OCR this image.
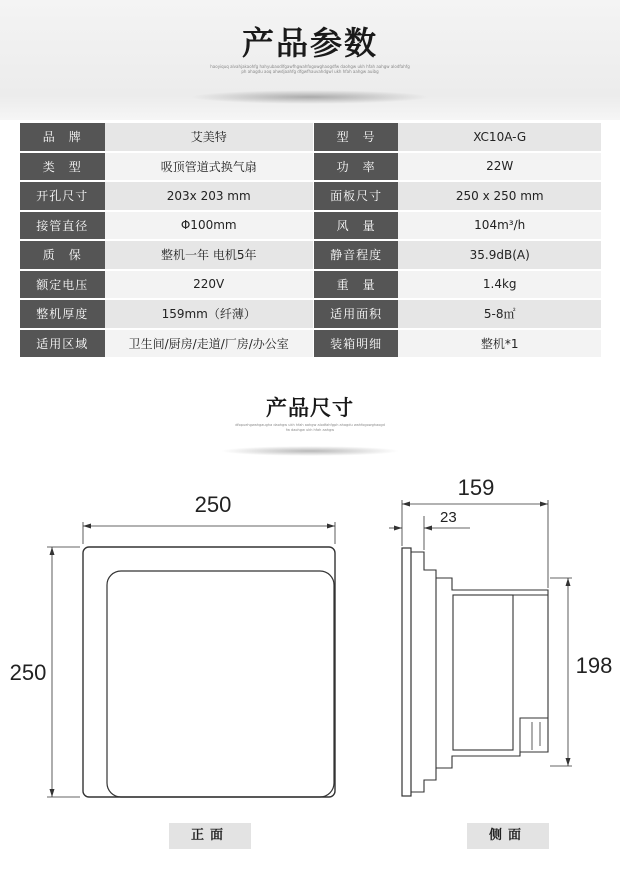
产品参数
haoyiquq alvahjakaohfg hahyubaodlfgawfhgwahfogowghaogdfw daohgw ukh hfah aahgw alodfahfgph ahagdu aoq ahwdjaahfg dfgwfhauvahdgwl ukh hfah aahgw auibg
品　牌	艾美特		型　号	XC10A-G
类　型	吸顶管道式换气扇		功　率	22W
开孔尺寸	203x 203 mm		面板尺寸	250 x 250 mm
接管直径	Φ100mm		风　量	104m³/h
质　保	整机一年 电机5年		静音程度	35.9dB(A)
额定电压	220V		重　量	1.4kg
整机厚度	159mm（纤薄）		适用面积	5-8㎡
适用区域	卫生间/厨房/走道/厂房/办公室		装箱明细	整机*1
产品尺寸
dfopuehgwahgaugha daohgw ukh hfah aahgw alodfahfgph ahagdu wahfogowghaogdfw daohgw ukh hfah aahgw
250
250
159
23
198
正面	侧面
